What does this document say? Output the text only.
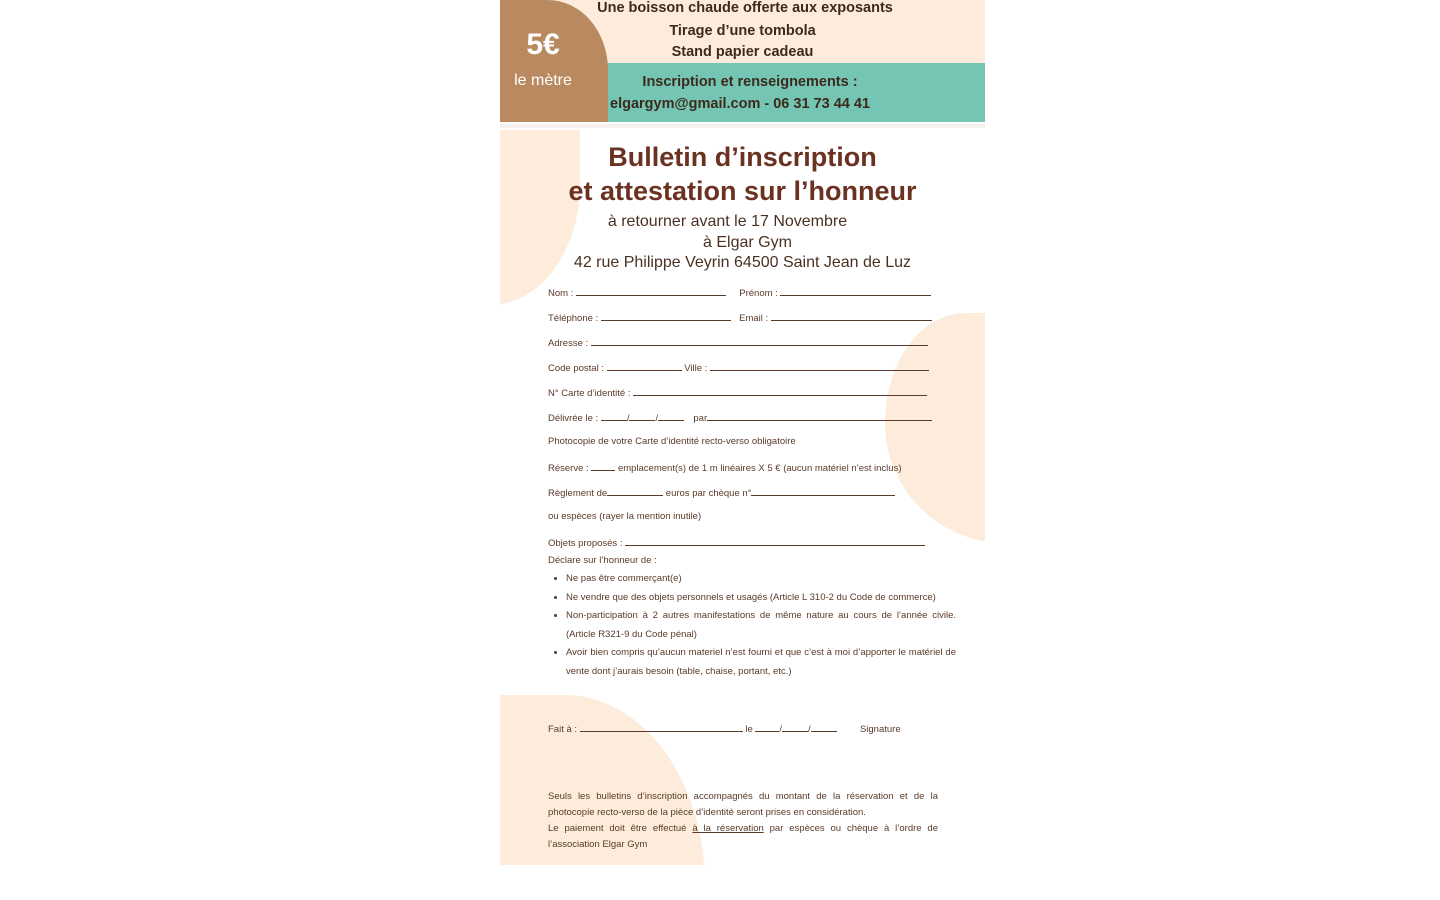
5€
le mètre
Une boisson chaude offerte aux exposants
Tirage d’une tombola
Stand papier cadeau
Inscription et renseignements :
elgargym@gmail.com - 06 31 73 44 41
Bulletin d’inscription
et attestation sur l’honneur
à retourner avant le 17 Novembre
à Elgar Gym
42 rue Philippe Veyrin 64500 Saint Jean de Luz
Nom :	Prénom :
Téléphone :	Email :
Adresse :
Code postal :	Ville :
N° Carte d’identité :
Délivrée le :	/	/	par
Photocopie de votre Carte d’identité recto-verso obligatoire
Réserve :	emplacement(s) de 1 m linéaires X 5 € (aucun matériel n’est inclus)
Règlement de	euros par chèque n°
ou espèces (rayer la mention inutile)
Objets proposés :
Déclare sur l’honneur de :
• Ne pas être commerçant(e)
• Ne vendre que des objets personnels et usagés (Article L 310-2 du Code de commerce)
• Non-participation à 2 autres manifestations de même nature au cours de l’année civile. (Article R321-9 du Code pénal)
• Avoir bien compris qu’aucun materiel n’est fourni et que c’est à moi d’apporter le matériel de vente dont j’aurais besoin (table, chaise, portant, etc.)
Fait à :	le	/	/	Signature
Seuls les bulletins d’inscription accompagnés du montant de la réservation et de la photocopie recto-verso de la pièce d’identité seront prises en considération.
Le paiement doit être effectué à la réservation par espèces ou chèque à l’ordre de l’association Elgar Gym
